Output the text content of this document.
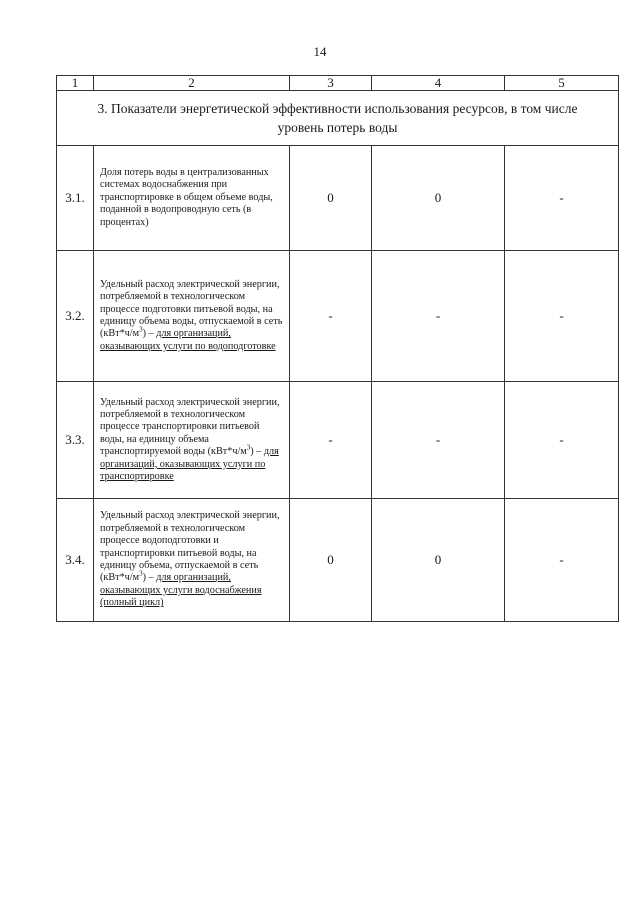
14
1	2	3	4	5
3. Показатели энергетической эффективности использования ресурсов, в том числе уровень потерь воды				
3.1.	Доля потерь воды в централизованных системах водоснабжения при транспортировке в общем объеме воды, поданной в водопроводную сеть (в процентах)	0	0	-
3.2.	Удельный расход электрической энергии, потребляемой в технологическом процессе подготовки питьевой воды, на единицу объема воды, отпускаемой в сеть $(кВт*ч/м^3)$ – для организаций, оказывающих услуги по водоподготовке	-	-	-
3.3.	Удельный расход электрической энергии, потребляемой в технологическом процессе транспортировки питьевой воды, на единицу объема транспортируемой воды $(кВт*ч/м^3)$ – для организаций, оказывающих услуги по транспортировке	-	-	-
3.4.	Удельный расход электрической энергии, потребляемой в технологическом процессе водоподготовки и транспортировки питьевой воды, на единицу объема, отпускаемой в сеть $(кВт*ч/м^3)$ – для организаций, оказывающих услуги водоснабжения (полный цикл)	0	0	-
